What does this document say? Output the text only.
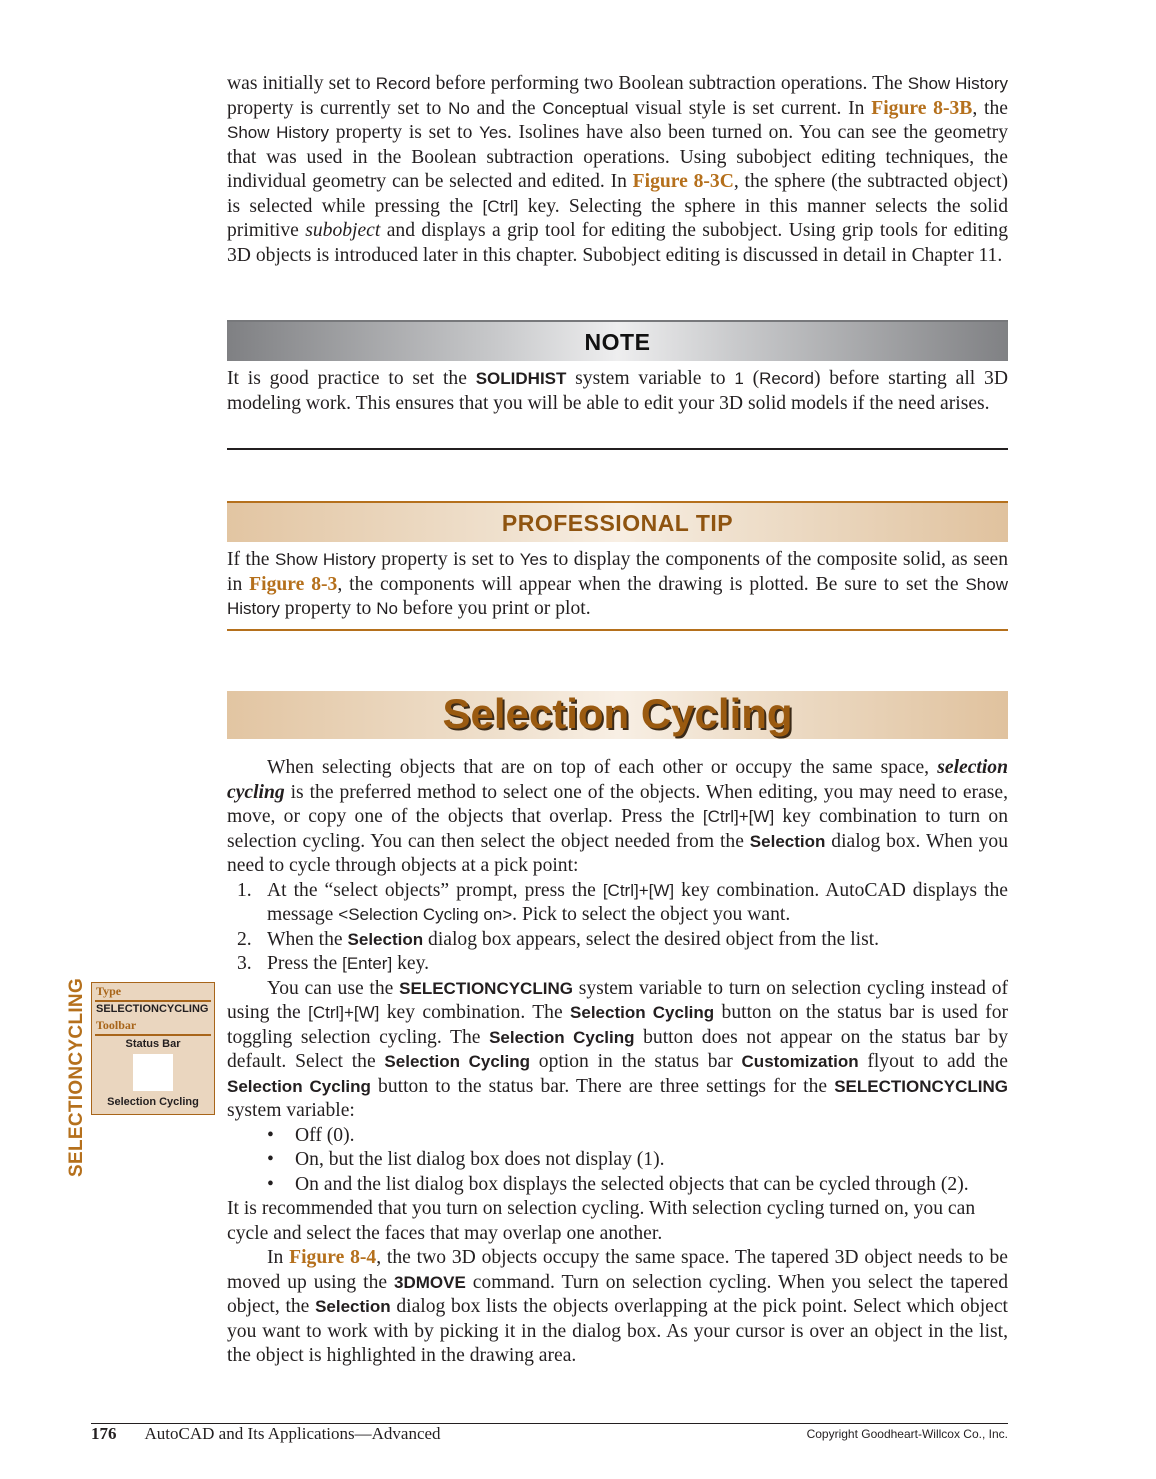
was initially set to Record before performing two Boolean subtraction operations. The Show History property is currently set to No and the Conceptual visual style is set current. In Figure 8-3B, the Show History property is set to Yes. Isolines have also been turned on. You can see the geometry that was used in the Boolean subtraction operations. Using subobject editing techniques, the individual geometry can be selected and edited. In Figure 8-3C, the sphere (the subtracted object) is selected while pressing the [Ctrl] key. Selecting the sphere in this manner selects the solid primitive subobject and displays a grip tool for editing the subobject. Using grip tools for editing 3D objects is introduced later in this chapter. Subobject editing is discussed in detail in Chapter 11.

NOTE

It is good practice to set the SOLIDHIST system variable to 1 (Record) before starting all 3D modeling work. This ensures that you will be able to edit your 3D solid models if the need arises.

PROFESSIONAL TIP

If the Show History property is set to Yes to display the components of the composite solid, as seen in Figure 8-3, the components will appear when the drawing is plotted. Be sure to set the Show History property to No before you print or plot.

Selection Cycling

When selecting objects that are on top of each other or occupy the same space, selection cycling is the preferred method to select one of the objects. When editing, you may need to erase, move, or copy one of the objects that overlap. Press the [Ctrl]+[W] key combination to turn on selection cycling. You can then select the object needed from the Selection dialog box. When you need to cycle through objects at a pick point:

1. At the “select objects” prompt, press the [Ctrl]+[W] key combination. AutoCAD displays the message <Selection Cycling on>. Pick to select the object you want.
2. When the Selection dialog box appears, select the desired object from the list.
3. Press the [Enter] key.

You can use the SELECTIONCYCLING system variable to turn on selection cycling instead of using the [Ctrl]+[W] key combination. The Selection Cycling button on the status bar is used for toggling selection cycling. The Selection Cycling button does not appear on the status bar by default. Select the Selection Cycling option in the status bar Customization flyout to add the Selection Cycling button to the status bar. There are three settings for the SELECTIONCYCLING system variable:

• Off (0).
• On, but the list dialog box does not display (1).
• On and the list dialog box displays the selected objects that can be cycled through (2).

It is recommended that you turn on selection cycling. With selection cycling turned on, you can cycle and select the faces that may overlap one another.

In Figure 8-4, the two 3D objects occupy the same space. The tapered 3D object needs to be moved up using the 3DMOVE command. Turn on selection cycling. When you select the tapered object, the Selection dialog box lists the objects overlapping at the pick point. Select which object you want to work with by picking it in the dialog box. As your cursor is over an object in the list, the object is highlighted in the drawing area.

SELECTIONCYCLING Type
SELECTIONCYCLING
Toolbar
Status Bar
Selection Cycling
176 AutoCAD and Its Applications—Advanced	Copyright Goodheart-Willcox Co., Inc.
